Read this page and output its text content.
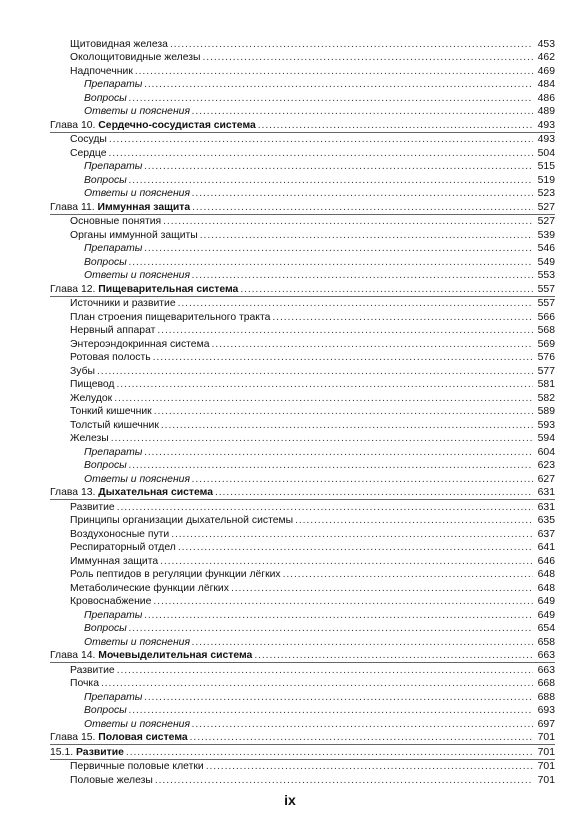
Щитовидная железа . . .	453
Околощитовидные железы . . .	462
Надпочечник . . .	469
Препараты . . .	484
Вопросы . . .	486
Ответы и пояснения . . .	489
Глава 10. Сердечно-сосудистая система . . .	493
Сосуды . . .	493
Сердце . . .	504
Препараты . . .	515
Вопросы . . .	519
Ответы и пояснения . . .	523
Глава 11. Иммунная защита . . .	527
Основные понятия . . .	527
Органы иммунной защиты . . .	539
Препараты . . .	546
Вопросы . . .	549
Ответы и пояснения . . .	553
Глава 12. Пищеварительная система . . .	557
Источники и развитие . . .	557
План строения пищеварительного тракта . . .	566
Нервный аппарат . . .	568
Энтероэндокринная система . . .	569
Ротовая полость . . .	576
Зубы . . .	577
Пищевод . . .	581
Желудок . . .	582
Тонкий кишечник . . .	589
Толстый кишечник . . .	593
Железы . . .	594
Препараты . . .	604
Вопросы . . .	623
Ответы и пояснения . . .	627
Глава 13. Дыхательная система . . .	631
Развитие . . .	631
Принципы организации дыхательной системы . . .	635
Воздухоносные пути . . .	637
Респираторный отдел . . .	641
Иммунная защита . . .	646
Роль пептидов в регуляции функции лёгких . . .	648
Метаболические функции лёгких . . .	648
Кровоснабжение . . .	649
Препараты . . .	649
Вопросы . . .	654
Ответы и пояснения . . .	658
Глава 14. Мочевыделительная система . . .	663
Развитие . . .	663
Почка . . .	668
Препараты . . .	688
Вопросы . . .	693
Ответы и пояснения . . .	697
Глава 15. Половая система . . .	701
15.1. Развитие . . .	701
Первичные половые клетки . . .	701
Половые железы . . .	701
ix
